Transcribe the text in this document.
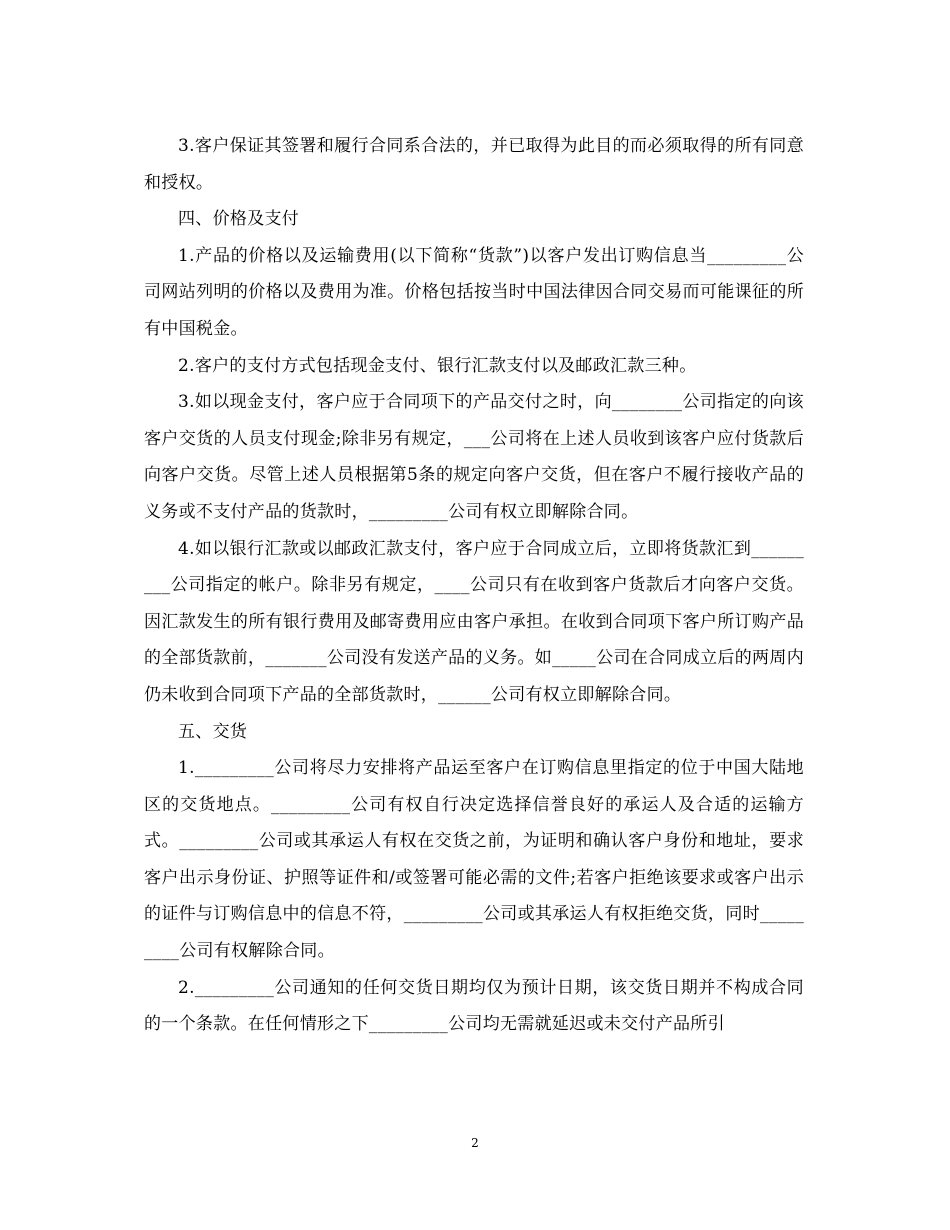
3.客户保证其签署和履行合同系合法的，并已取得为此目的而必须取得的所有同意和授权。

四、价格及支付

1.产品的价格以及运输费用(以下简称“货款”)以客户发出订购信息当_________公司网站列明的价格以及费用为准。价格包括按当时中国法律因合同交易而可能课征的所有中国税金。

2.客户的支付方式包括现金支付、银行汇款支付以及邮政汇款三种。

3.如以现金支付，客户应于合同项下的产品交付之时，向________公司指定的向该客户交货的人员支付现金;除非另有规定，___公司将在上述人员收到该客户应付货款后向客户交货。尽管上述人员根据第5条的规定向客户交货，但在客户不履行接收产品的义务或不支付产品的货款时，_________公司有权立即解除合同。

4.如以银行汇款或以邮政汇款支付，客户应于合同成立后，立即将货款汇到_________公司指定的帐户。除非另有规定，____公司只有在收到客户货款后才向客户交货。因汇款发生的所有银行费用及邮寄费用应由客户承担。在收到合同项下客户所订购产品的全部货款前，_______公司没有发送产品的义务。如_____公司在合同成立后的两周内仍未收到合同项下产品的全部货款时，______公司有权立即解除合同。

五、交货

1._________公司将尽力安排将产品运至客户在订购信息里指定的位于中国大陆地区的交货地点。_________公司有权自行决定选择信誉良好的承运人及合适的运输方式。_________公司或其承运人有权在交货之前，为证明和确认客户身份和地址，要求客户出示身份证、护照等证件和/或签署可能必需的文件;若客户拒绝该要求或客户出示的证件与订购信息中的信息不符，_________公司或其承运人有权拒绝交货，同时_________公司有权解除合同。

2._________公司通知的任何交货日期均仅为预计日期，该交货日期并不构成合同的一个条款。在任何情形之下_________公司均无需就延迟或未交付产品所引

2
